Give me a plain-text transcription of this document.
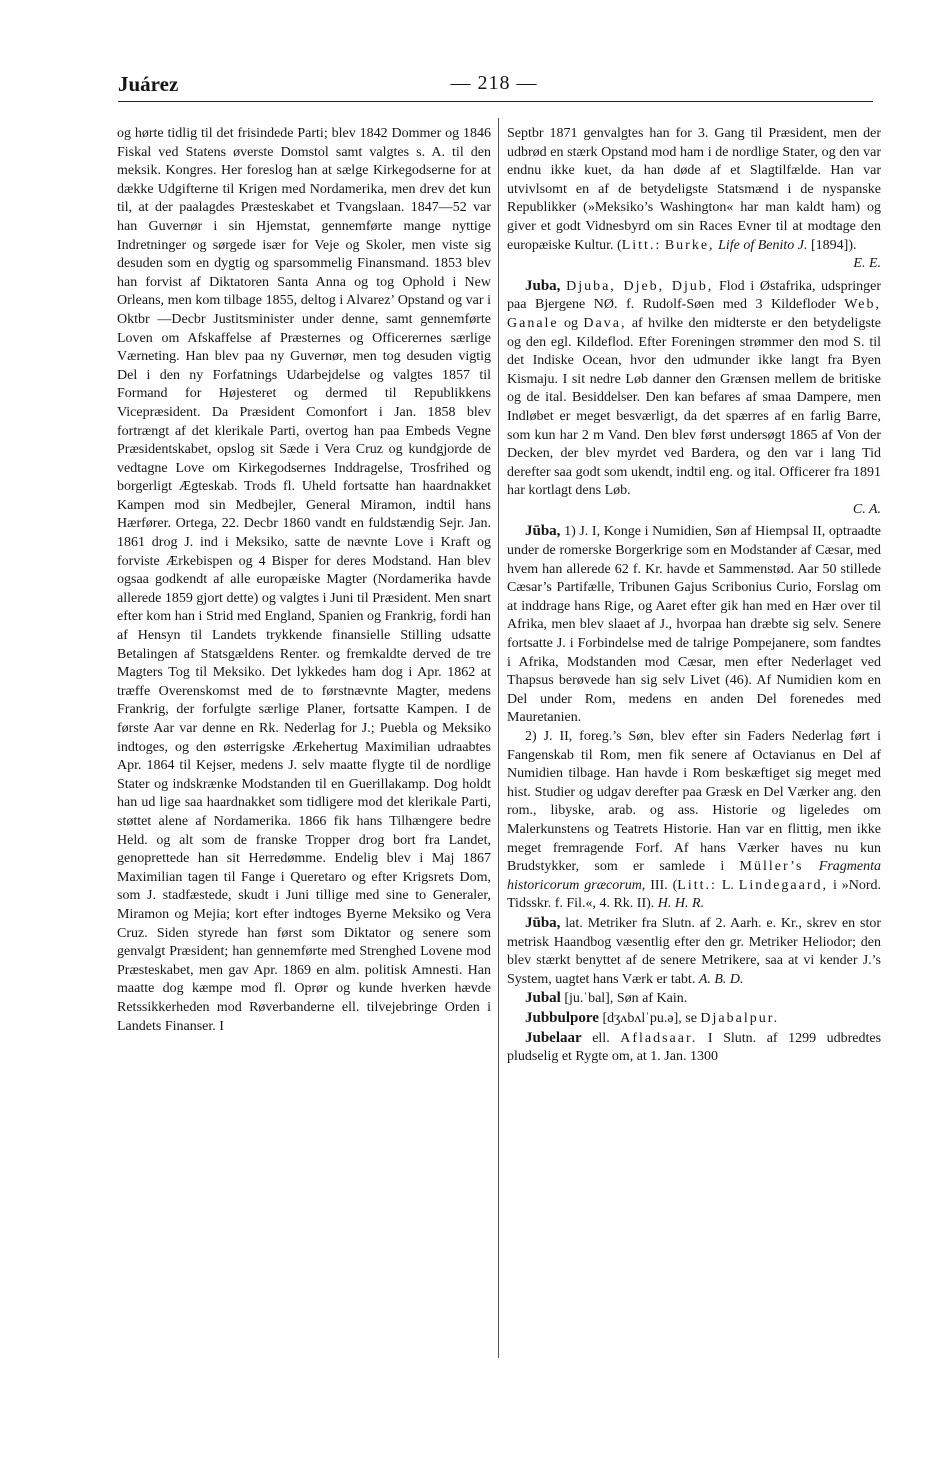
Juárez	— 218 —

og hørte tidlig til det frisindede Parti; blev 1842 Dommer og 1846 Fiskal ved Statens øverste Domstol samt valgtes s. A. til den meksik. Kongres. Her foreslog han at sælge Kirkegodserne for at dække Udgifterne til Krigen med Nordamerika, men drev det kun til, at der paalagdes Præsteskabet et Tvangslaan. 1847—52 var han Guvernør i sin Hjemstat, gennemførte mange nyttige Indretninger og sørgede især for Veje og Skoler, men viste sig desuden som en dygtig og sparsommelig Finansmand. 1853 blev han forvist af Diktatoren Santa Anna og tog Ophold i New Orleans, men kom tilbage 1855, deltog i Alvarez’ Opstand og var i Oktbr —Decbr Justitsminister under denne, samt gennemførte Loven om Afskaffelse af Præsternes og Officerernes særlige Værneting. Han blev paa ny Guvernør, men tog desuden vigtig Del i den ny Forfatnings Udarbejdelse og valgtes 1857 til Formand for Højesteret og dermed til Republikkens Vicepræsident. Da Præsident Comonfort i Jan. 1858 blev fortrængt af det klerikale Parti, overtog han paa Embeds Vegne Præsidentskabet, opslog sit Sæde i Vera Cruz og kundgjorde de vedtagne Love om Kirkegodsernes Inddragelse, Trosfrihed og borgerligt Ægteskab. Trods fl. Uheld fortsatte han haardnakket Kampen mod sin Medbejler, General Miramon, indtil hans Hærfører. Ortega, 22. Decbr 1860 vandt en fuldstændig Sejr. Jan. 1861 drog J. ind i Meksiko, satte de nævnte Love i Kraft og forviste Ærkebispen og 4 Bisper for deres Modstand. Han blev ogsaa godkendt af alle europæiske Magter (Nordamerika havde allerede 1859 gjort dette) og valgtes i Juni til Præsident. Men snart efter kom han i Strid med England, Spanien og Frankrig, fordi han af Hensyn til Landets trykkende finansielle Stilling udsatte Betalingen af Statsgældens Renter. og fremkaldte derved de tre Magters Tog til Meksiko. Det lykkedes ham dog i Apr. 1862 at træffe Overenskomst med de to førstnævnte Magter, medens Frankrig, der forfulgte særlige Planer, fortsatte Kampen. I de første Aar var denne en Rk. Nederlag for J.; Puebla og Meksiko indtoges, og den østerrigske Ærkehertug Maximilian udraabtes Apr. 1864 til Kejser, medens J. selv maatte flygte til de nordlige Stater og indskrænke Modstanden til en Guerillakamp. Dog holdt han ud lige saa haardnakket som tidligere mod det klerikale Parti, støttet alene af Nordamerika. 1866 fik hans Tilhængere bedre Held. og alt som de franske Tropper drog bort fra Landet, genoprettede han sit Herredømme. Endelig blev i Maj 1867 Maximilian tagen til Fange i Queretaro og efter Krigsrets Dom, som J. stadfæstede, skudt i Juni tillige med sine to Generaler, Miramon og Mejia; kort efter indtoges Byerne Meksiko og Vera Cruz. Siden styrede han først som Diktator og senere som genvalgt Præsident; han gennemførte med Strenghed Lovene mod Præsteskabet, men gav Apr. 1869 en alm. politisk Amnesti. Han maatte dog kæmpe mod fl. Oprør og kunde hverken hævde Retssikkerheden mod Røverbanderne ell. tilvejebringe Orden i Landets Finanser. I

Septbr 1871 genvalgtes han for 3. Gang til Præsident, men der udbrød en stærk Opstand mod ham i de nordlige Stater, og den var endnu ikke kuet, da han døde af et Slagtilfælde. Han var utvivlsomt en af de betydeligste Statsmænd i de nyspanske Republikker (»Meksiko’s Washington« har man kaldt ham) og giver et godt Vidnesbyrd om sin Races Evner til at modtage den europæiske Kultur. (Litt.: Burke, Life of Benito J. [1894]).

E. E.

Juba, Djuba, Djeb, Djub, Flod i Østafrika, udspringer paa Bjergene NØ. f. Rudolf-Søen med 3 Kildefloder Web, Ganale og Dava, af hvilke den midterste er den betydeligste og den egl. Kildeflod. Efter Foreningen strømmer den mod S. til det Indiske Ocean, hvor den udmunder ikke langt fra Byen Kismaju. I sit nedre Løb danner den Grænsen mellem de britiske og de ital. Besiddelser. Den kan befares af smaa Dampere, men Indløbet er meget besværligt, da det spærres af en farlig Barre, som kun har 2 m Vand. Den blev først undersøgt 1865 af Von der Decken, der blev myrdet ved Bardera, og den var i lang Tid derefter saa godt som ukendt, indtil eng. og ital. Officerer fra 1891 har kortlagt dens Løb.

C. A.

Jūba, 1) J. I, Konge i Numidien, Søn af Hiempsal II, optraadte under de romerske Borgerkrige som en Modstander af Cæsar, med hvem han allerede 62 f. Kr. havde et Sammenstød. Aar 50 stillede Cæsar’s Partifælle, Tribunen Gajus Scribonius Curio, Forslag om at inddrage hans Rige, og Aaret efter gik han med en Hær over til Afrika, men blev slaaet af J., hvorpaa han dræbte sig selv. Senere fortsatte J. i Forbindelse med de talrige Pompejanere, som fandtes i Afrika, Modstanden mod Cæsar, men efter Nederlaget ved Thapsus berøvede han sig selv Livet (46). Af Numidien kom en Del under Rom, medens en anden Del forenedes med Mauretanien.

2) J. II, foreg.’s Søn, blev efter sin Faders Nederlag ført i Fangenskab til Rom, men fik senere af Octavianus en Del af Numidien tilbage. Han havde i Rom beskæftiget sig meget med hist. Studier og udgav derefter paa Græsk en Del Værker ang. den rom., libyske, arab. og ass. Historie og ligeledes om Malerkunstens og Teatrets Historie. Han var en flittig, men ikke meget fremragende Forf. Af hans Værker haves nu kun Brudstykker, som er samlede i Müller’s Fragmenta historicorum græcorum, III. (Litt.: L. Lindegaard, i »Nord. Tidsskr. f. Fil.«, 4. Rk. II). H. H. R.

Jūba, lat. Metriker fra Slutn. af 2. Aarh. e. Kr., skrev en stor metrisk Haandbog væsentlig efter den gr. Metriker Heliodor; den blev stærkt benyttet af de senere Metrikere, saa at vi kender J.’s System, uagtet hans Værk er tabt. A. B. D.

Jubal [ju.ˈbal], Søn af Kain.

Jubbulpore [dʒʌbʌlˈpu.ə], se Djabalpur.

Jubelaar ell. Afladsaar. I Slutn. af 1299 udbredtes pludselig et Rygte om, at 1. Jan. 1300
